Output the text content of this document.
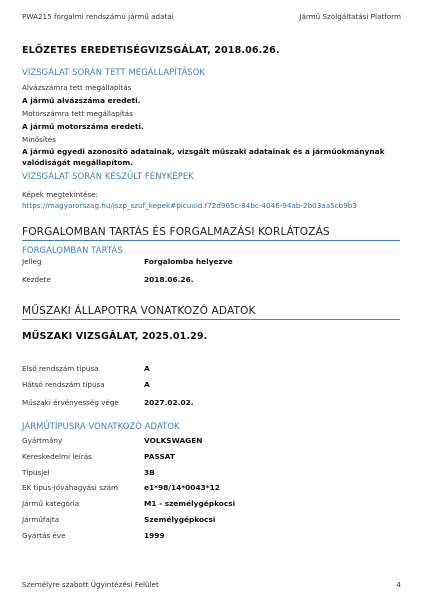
PWA215 forgalmi rendszámú jármű adatai	Jármű Szolgáltatási Platform
ELŐZETES EREDETISÉGVIZSGÁLAT, 2018.06.26.
VIZSGÁLAT SORÁN TETT MEGÁLLAPÍTÁSOK
Alvázszámra tett megállapítás
A jármű alvázszáma eredeti.
Motorszámra tett megállapítás
A jármű motorszáma eredeti.
Minősítés
A jármű egyedi azonosító adatainak, vizsgált műszaki adatainak és a járműokmánynak valódiságát megállapítom.
VIZSGÁLAT SORÁN KÉSZÜLT FÉNYKÉPEK
Képek megtekintése:
https://magyarorszag.hu/jszp_szuf_kepek#picuuid.f72d965c-84bc-4046-94ab-2b03aa5cb9b3
FORGALOMBAN TARTÁS ÉS FORGALMAZÁSI KORLÁTOZÁS
FORGALOMBAN TARTÁS
Jelleg	Forgalomba helyezve
Kezdete	2018.06.26.
MŰSZAKI ÁLLAPOTRA VONATKOZÓ ADATOK
MŰSZAKI VIZSGÁLAT, 2025.01.29.
Első rendszám típusa	A
Hátsó rendszám típusa	A
Műszaki érvényesség vége	2027.02.02.
JÁRMŰTÍPUSRA VONATKOZÓ ADATOK
Gyártmány	VOLKSWAGEN
Kereskedelmi leírás	PASSAT
Típusjel	3B
EK típus-jóváhagyási szám	e1*98/14*0043*12
Jármű kategória	M1 - személygépkocsi
Járműfajta	Személygépkocsi
Gyártás éve	1999
Személyre szabott Ügyintézési Felület	4
